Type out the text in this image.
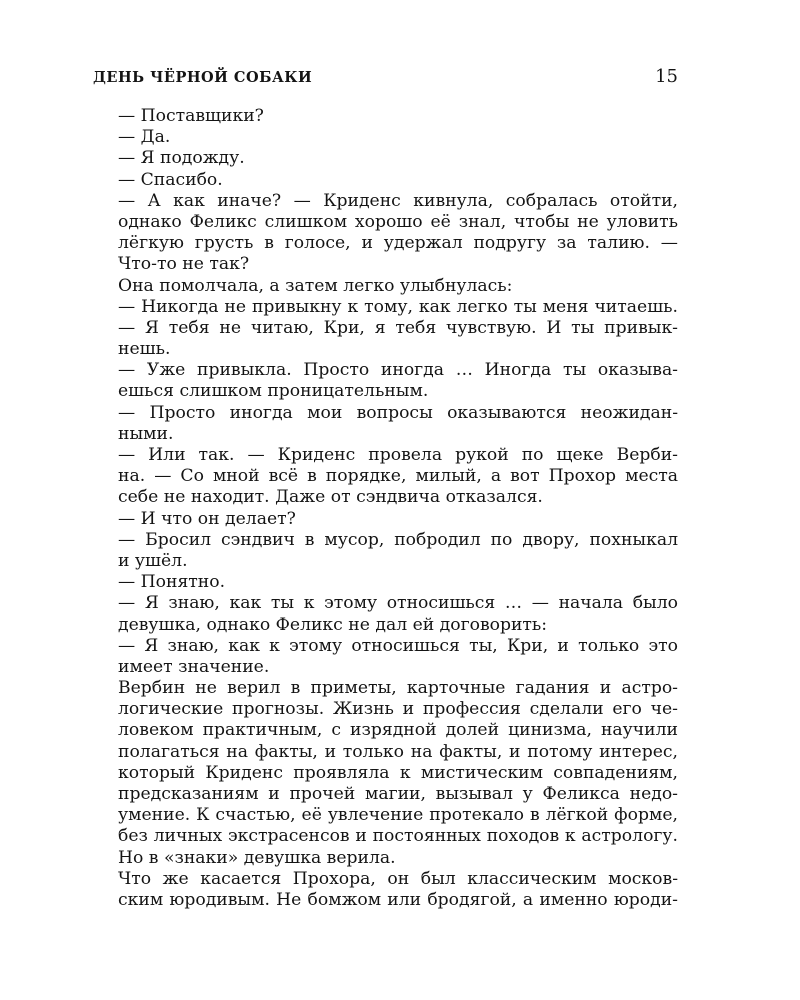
ДЕНЬ ЧЁРНОЙ СОБАКИ	15
— Поставщики?
— Да.
— Я подожду.
— Спасибо.
— А как иначе? — Криденс кивнула, собралась отойти,
однако Феликс слишком хорошо её знал, чтобы не уловить
лёгкую грусть в голосе, и удержал подругу за талию. —
Что-то не так?
Она помолчала, а затем легко улыбнулась:
— Никогда не привыкну к тому, как легко ты меня читаешь.
— Я тебя не читаю, Кри, я тебя чувствую. И ты привык-
нешь.
— Уже привыкла. Просто иногда … Иногда ты оказыва-
ешься слишком проницательным.
— Просто иногда мои вопросы оказываются неожидан-
ными.
— Или так. — Криденс провела рукой по щеке Верби-
на. — Со мной всё в порядке, милый, а вот Прохор места
себе не находит. Даже от сэндвича отказался.
— И что он делает?
— Бросил сэндвич в мусор, побродил по двору, похныкал
и ушёл.
— Понятно.
— Я знаю, как ты к этому относишься … — начала было
девушка, однако Феликс не дал ей договорить:
— Я знаю, как к этому относишься ты, Кри, и только это
имеет значение.
Вербин не верил в приметы, карточные гадания и астро-
логические прогнозы. Жизнь и профессия сделали его че-
ловеком практичным, с изрядной долей цинизма, научили
полагаться на факты, и только на факты, и потому интерес,
который Криденс проявляла к мистическим совпадениям,
предсказаниям и прочей магии, вызывал у Феликса недо-
умение. К счастью, её увлечение протекало в лёгкой форме,
без личных экстрасенсов и постоянных походов к астрологу.
Но в «знаки» девушка верила.
Что же касается Прохора, он был классическим москов-
ским юродивым. Не бомжом или бродягой, а именно юроди-
